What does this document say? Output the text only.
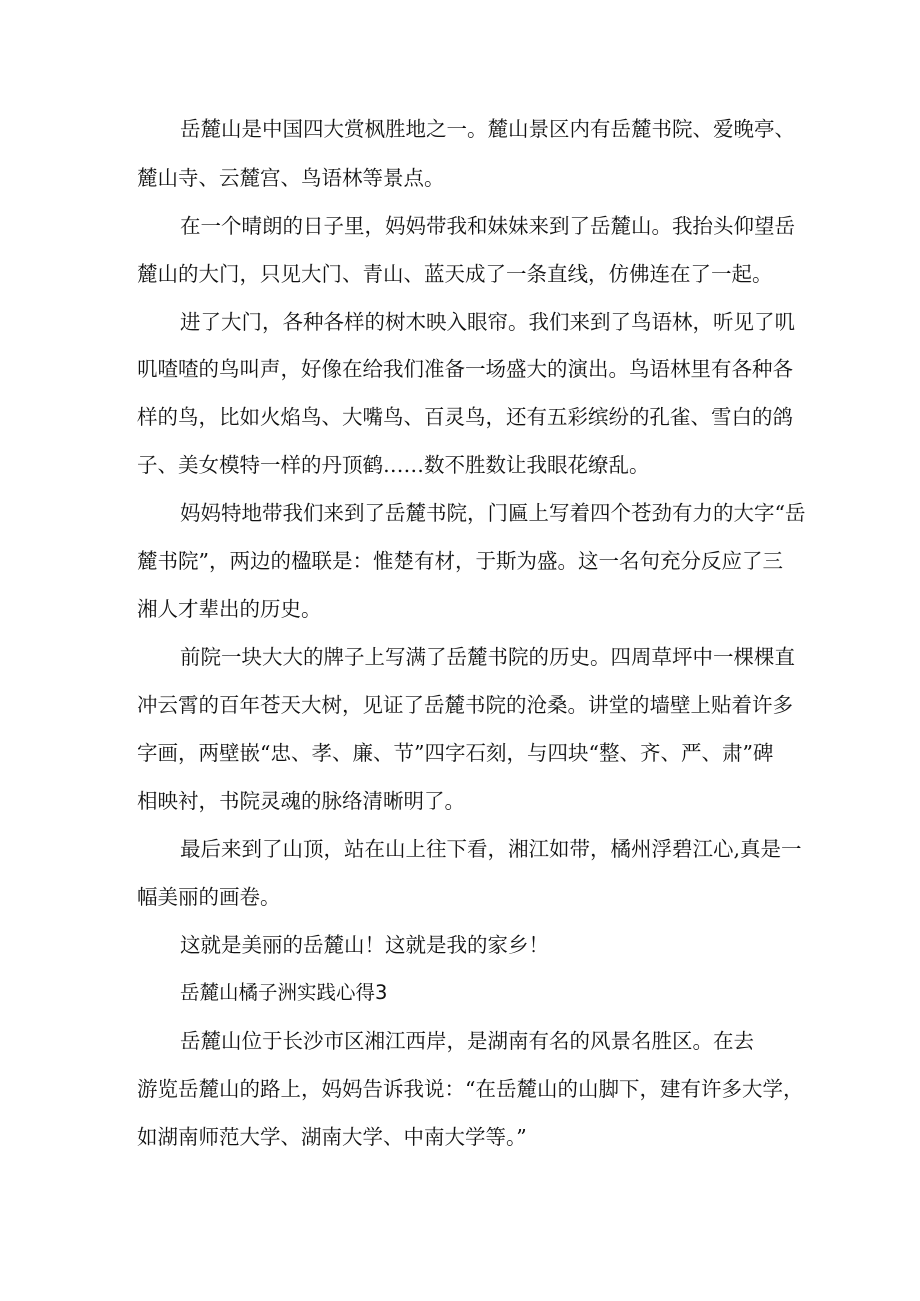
岳麓山是中国四大赏枫胜地之一。麓山景区内有岳麓书院、爱晚亭、
麓山寺、云麓宫、鸟语林等景点。
在一个晴朗的日子里，妈妈带我和妹妹来到了岳麓山。我抬头仰望岳
麓山的大门，只见大门、青山、蓝天成了一条直线，仿佛连在了一起。
进了大门，各种各样的树木映入眼帘。我们来到了鸟语林，听见了叽
叽喳喳的鸟叫声，好像在给我们准备一场盛大的演出。鸟语林里有各种各
样的鸟，比如火焰鸟、大嘴鸟、百灵鸟，还有五彩缤纷的孔雀、雪白的鸽
子、美女模特一样的丹顶鹤……数不胜数让我眼花缭乱。
妈妈特地带我们来到了岳麓书院，门匾上写着四个苍劲有力的大字“岳
麓书院”，两边的楹联是：惟楚有材，于斯为盛。这一名句充分反应了三
湘人才辈出的历史。
前院一块大大的牌子上写满了岳麓书院的历史。四周草坪中一棵棵直
冲云霄的百年苍天大树，见证了岳麓书院的沧桑。讲堂的墙壁上贴着许多
字画，两壁嵌“忠、孝、廉、节”四字石刻，与四块“整、齐、严、肃”碑
相映衬，书院灵魂的脉络清晰明了。
最后来到了山顶，站在山上往下看，湘江如带，橘州浮碧江心,真是一
幅美丽的画卷。
这就是美丽的岳麓山！这就是我的家乡！
岳麓山橘子洲实践心得3
岳麓山位于长沙市区湘江西岸，是湖南有名的风景名胜区。在去
游览岳麓山的路上，妈妈告诉我说：“在岳麓山的山脚下，建有许多大学，
如湖南师范大学、湖南大学、中南大学等。”
